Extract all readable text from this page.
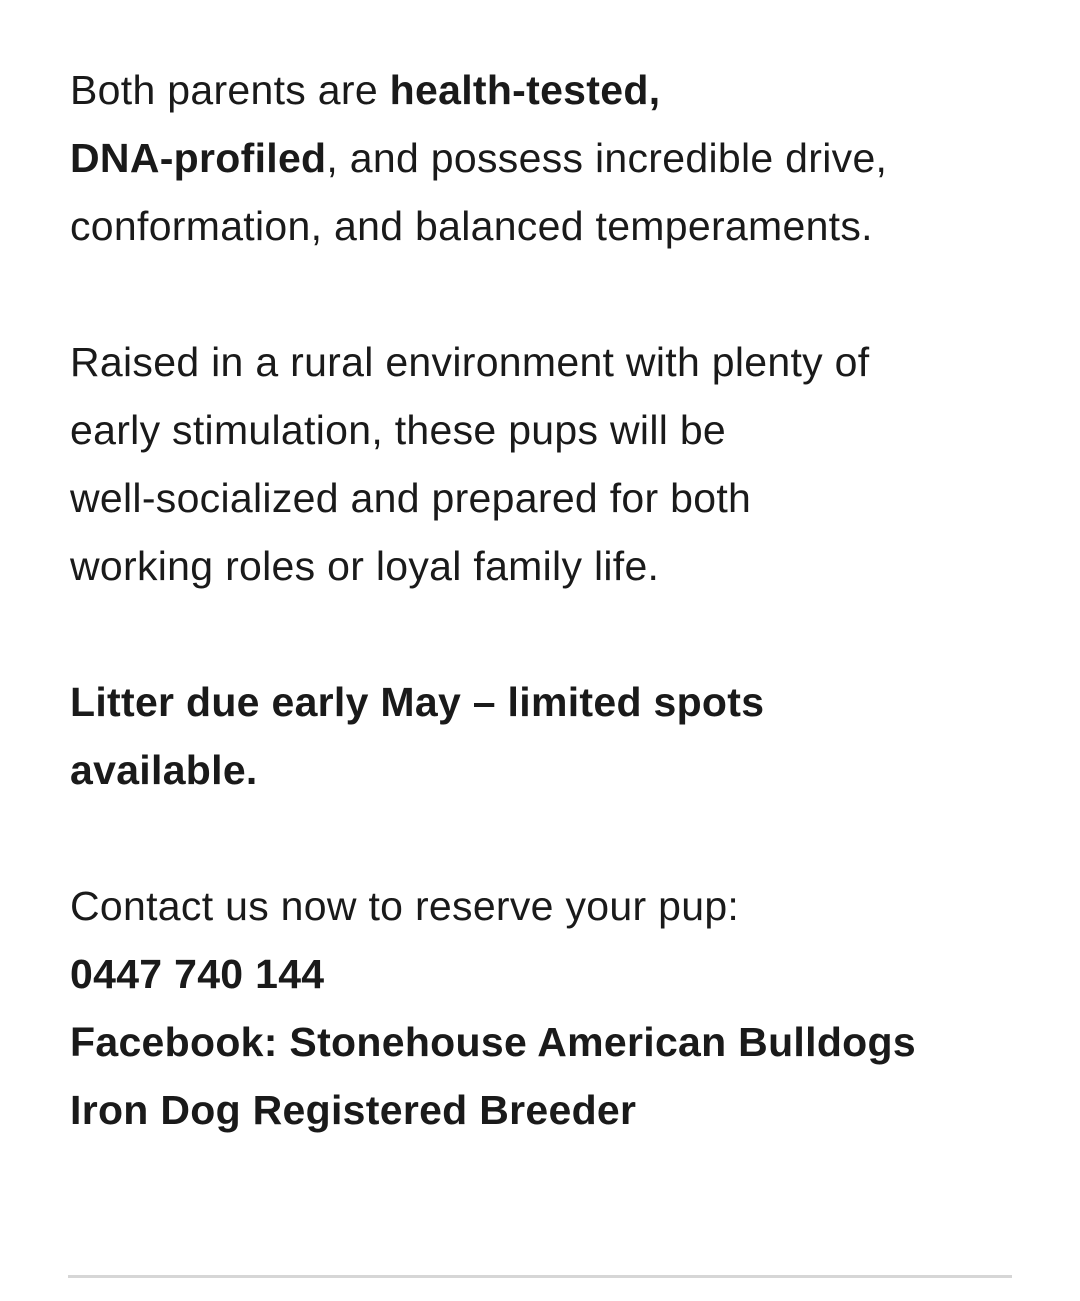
Both parents are health-tested,
DNA-profiled, and possess incredible drive,
conformation, and balanced temperaments.

Raised in a rural environment with plenty of
early stimulation, these pups will be
well-socialized and prepared for both
working roles or loyal family life.

Litter due early May – limited spots
available.

Contact us now to reserve your pup:
0447 740 144
Facebook: Stonehouse American Bulldogs
Iron Dog Registered Breeder
